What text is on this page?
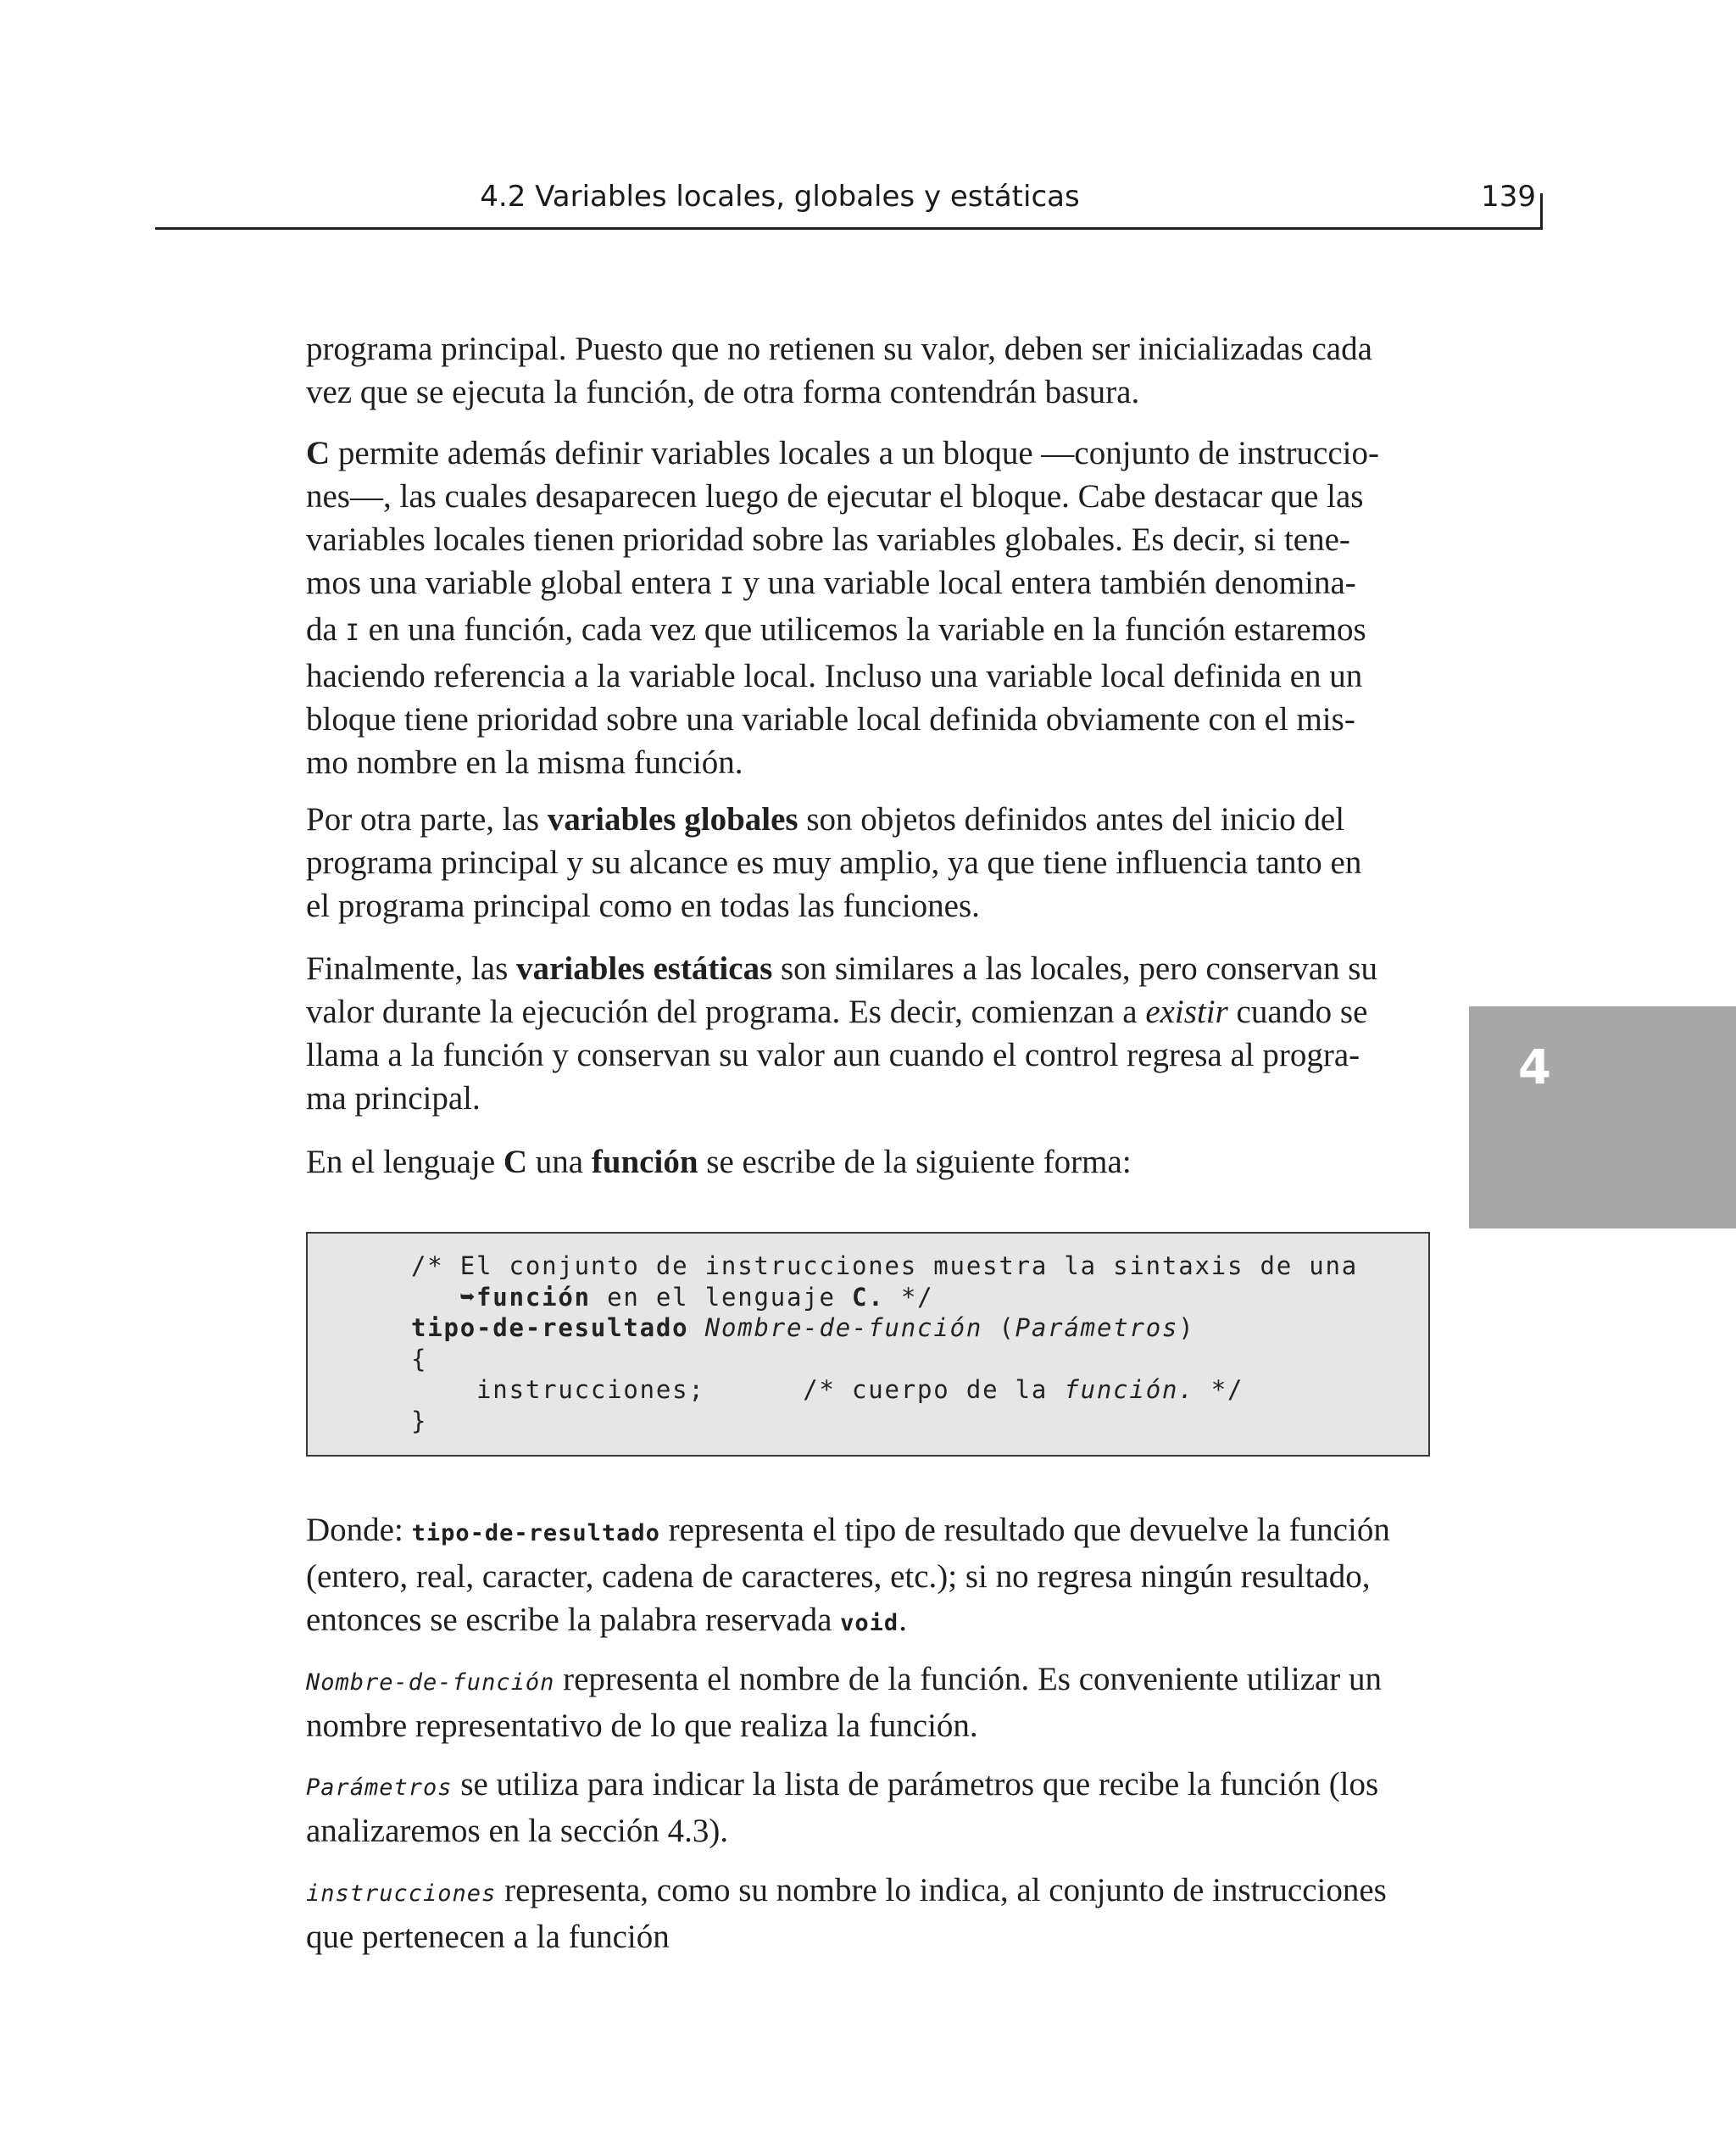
4.2 Variables locales, globales y estáticas	139
4
programa principal. Puesto que no retienen su valor, deben ser inicializadas cada
vez que se ejecuta la función, de otra forma contendrán basura.
C permite además definir variables locales a un bloque —conjunto de instruccio-
nes—, las cuales desaparecen luego de ejecutar el bloque. Cabe destacar que las
variables locales tienen prioridad sobre las variables globales. Es decir, si tene-
mos una variable global entera I y una variable local entera también denomina-
da I en una función, cada vez que utilicemos la variable en la función estaremos
haciendo referencia a la variable local. Incluso una variable local definida en un
bloque tiene prioridad sobre una variable local definida obviamente con el mis-
mo nombre en la misma función.
Por otra parte, las variables globales son objetos definidos antes del inicio del
programa principal y su alcance es muy amplio, ya que tiene influencia tanto en
el programa principal como en todas las funciones.
Finalmente, las variables estáticas son similares a las locales, pero conservan su
valor durante la ejecución del programa. Es decir, comienzan a existir cuando se
llama a la función y conservan su valor aun cuando el control regresa al progra-
ma principal.
En el lenguaje C una función se escribe de la siguiente forma:
/* El conjunto de instrucciones muestra la sintaxis de una
➥función en el lenguaje C. */
tipo-de-resultado Nombre-de-función (Parámetros)
{
instrucciones;      /* cuerpo de la función. */
}
Donde: tipo-de-resultado representa el tipo de resultado que devuelve la función
(entero, real, caracter, cadena de caracteres, etc.); si no regresa ningún resultado,
entonces se escribe la palabra reservada void.
Nombre-de-función representa el nombre de la función. Es conveniente utilizar un
nombre representativo de lo que realiza la función.
Parámetros se utiliza para indicar la lista de parámetros que recibe la función (los
analizaremos en la sección 4.3).
instrucciones representa, como su nombre lo indica, al conjunto de instrucciones
que pertenecen a la función
